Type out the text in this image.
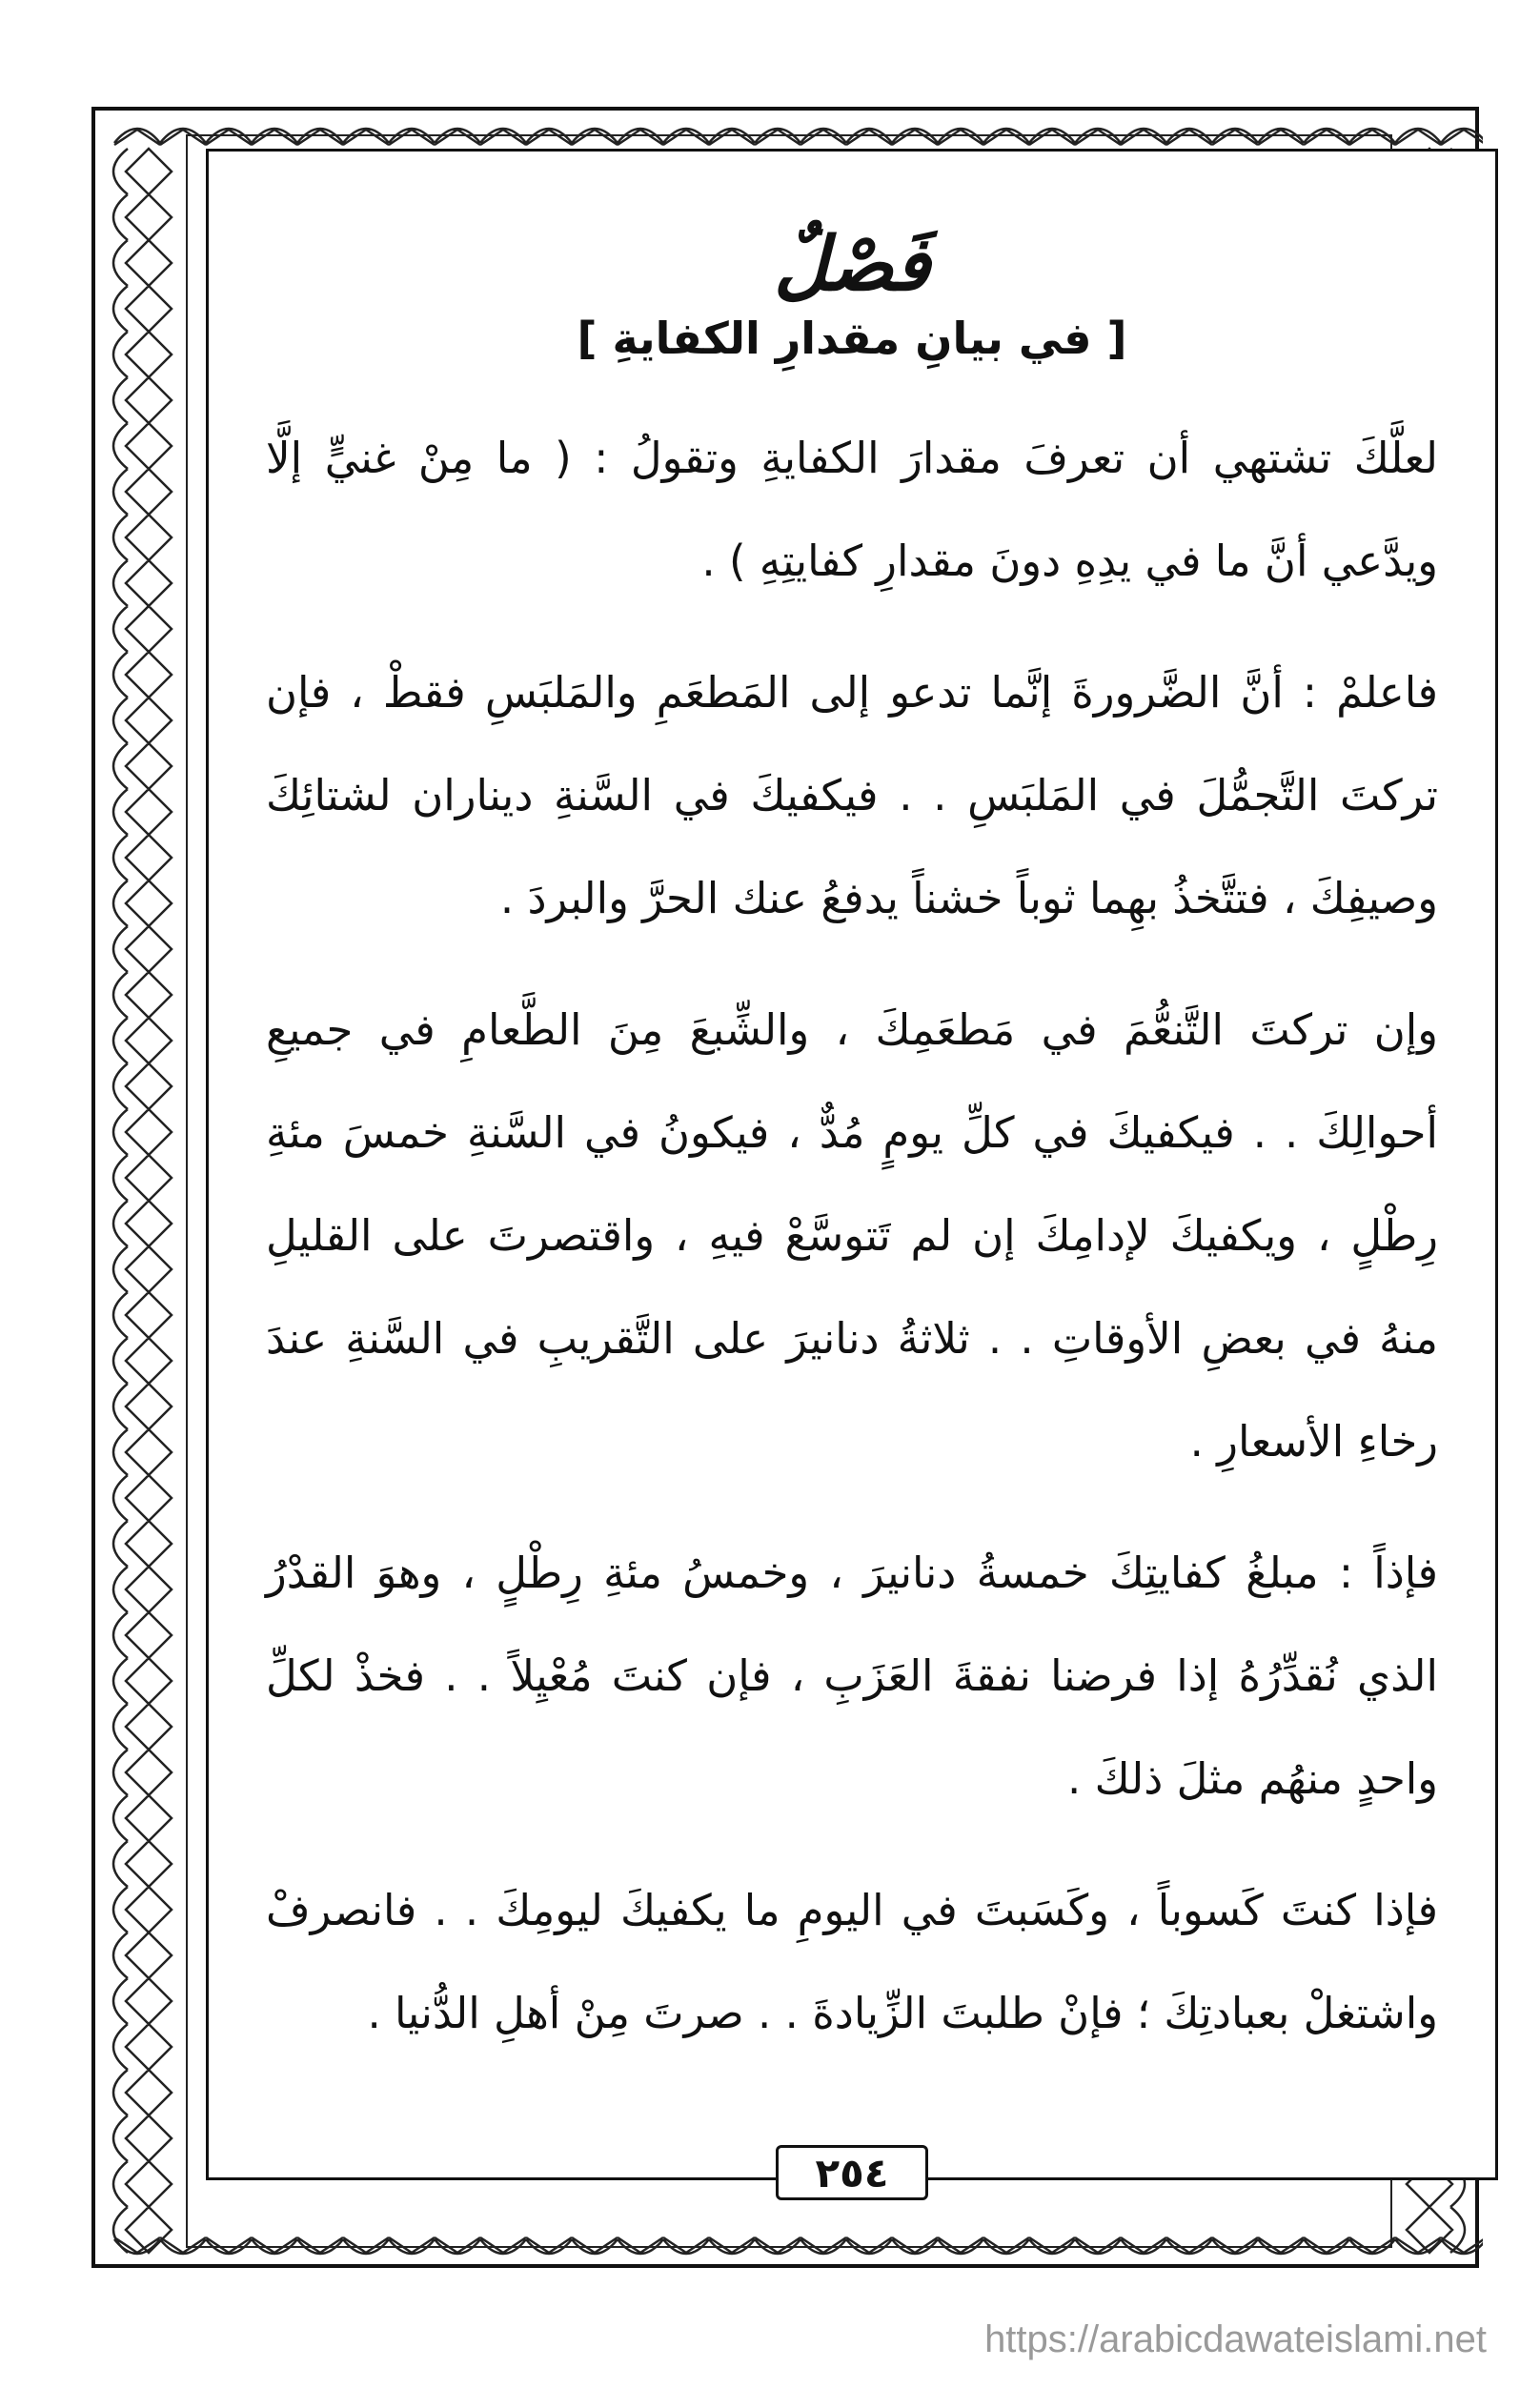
فَصْلٌ
[ في بيانِ مقدارِ الكفايةِ ]

لعلَّكَ تشتهي أن تعرفَ مقدارَ الكفايةِ وتقولُ : ( ما مِنْ غنيٍّ إلَّا ويدَّعي أنَّ ما في يدِهِ دونَ مقدارِ كفايتِهِ ) .

فاعلمْ : أنَّ الضَّرورةَ إنَّما تدعو إلى المَطعَمِ والمَلبَسِ فقطْ ، فإن تركتَ التَّجمُّلَ في المَلبَسِ . . فيكفيكَ في السَّنةِ ديناران لشتائِكَ وصيفِكَ ، فتتَّخذُ بهِما ثوباً خشناً يدفعُ عنك الحرَّ والبردَ .

وإن تركتَ التَّنعُّمَ في مَطعَمِكَ ، والشِّبعَ مِنَ الطَّعامِ في جميعِ أحوالِكَ . . فيكفيكَ في كلِّ يومٍ مُدٌّ ، فيكونُ في السَّنةِ خمسَ مئةِ رِطْلٍ ، ويكفيكَ لإدامِكَ إن لم تَتوسَّعْ فيهِ ، واقتصرتَ على القليلِ منهُ في بعضِ الأوقاتِ . . ثلاثةُ دنانيرَ على التَّقريبِ في السَّنةِ عندَ رخاءِ الأسعارِ .

فإذاً : مبلغُ كفايتِكَ خمسةُ دنانيرَ ، وخمسُ مئةِ رِطْلٍ ، وهوَ القدْرُ الذي نُقدِّرُهُ إذا فرضنا نفقةَ العَزَبِ ، فإن كنتَ مُعْيِلاً . . فخذْ لكلِّ واحدٍ منهُم مثلَ ذلكَ .

فإذا كنتَ كَسوباً ، وكَسَبتَ في اليومِ ما يكفيكَ ليومِكَ . . فانصرفْ واشتغلْ بعبادتِكَ ؛ فإنْ طلبتَ الزِّيادةَ . . صرتَ مِنْ أهلِ الدُّنيا .

٢٥٤
https://arabicdawateislami.net
